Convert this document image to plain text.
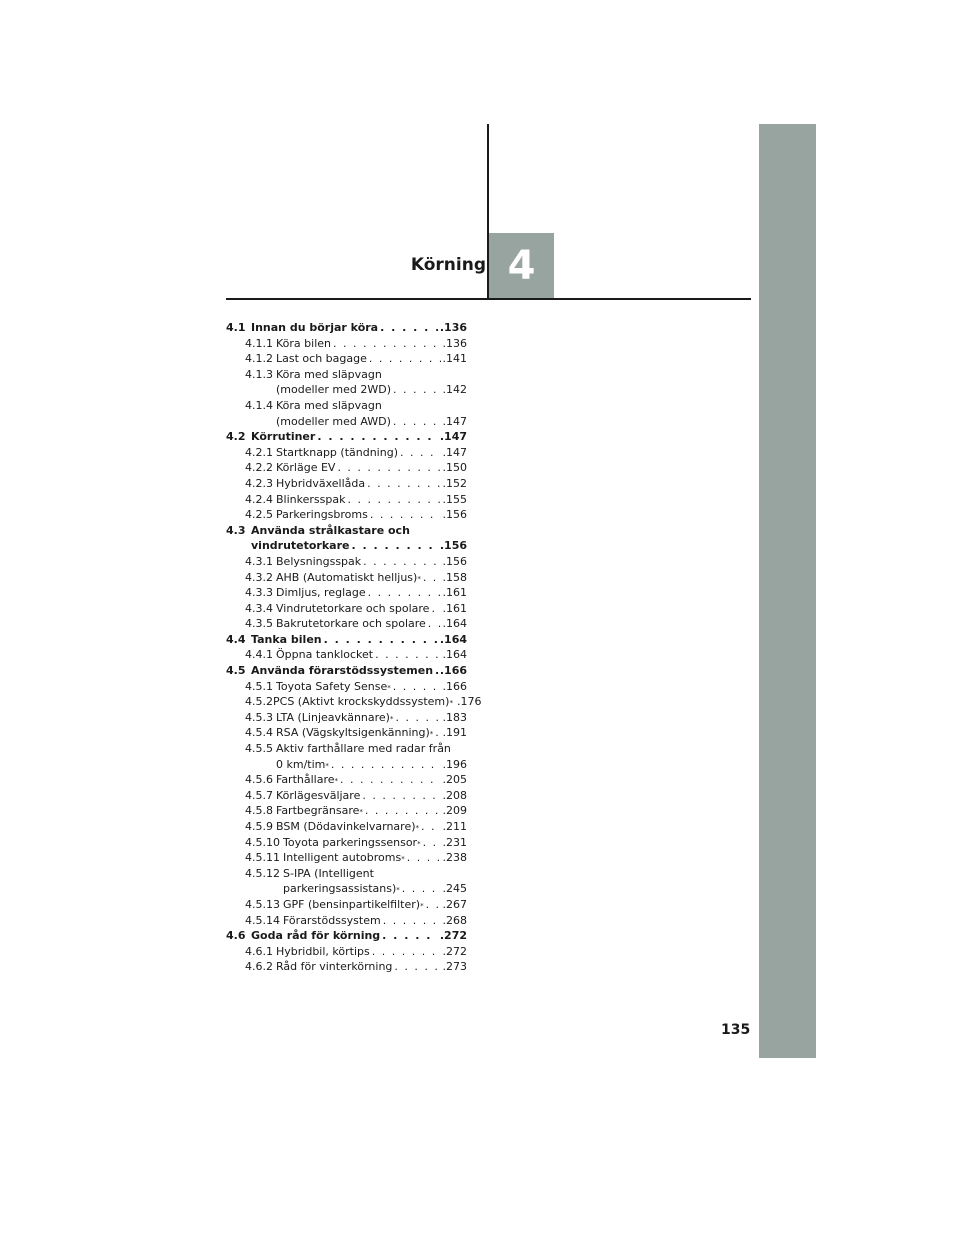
Körning 4
4.1 Innan du börjar köra . . .	.136
4.1.1 Köra bilen . . .	.136
4.1.2 Last och bagage . . .	.141
4.1.3 Köra med släpvagn
(modeller med 2WD) . . .	.142
4.1.4 Köra med släpvagn
(modeller med AWD) . . .	.147
4.2 Körrutiner . . .	.147
4.2.1 Startknapp (tändning) . . .	.147
4.2.2 Körläge EV . . .	.150
4.2.3 Hybridväxellåda . . .	.152
4.2.4 Blinkersspak . . .	.155
4.2.5 Parkeringsbroms . . .	.156
4.3 Använda strålkastare och
vindrutetorkare . . .	.156
4.3.1 Belysningsspak . . .	.156
4.3.2 AHB (Automatiskt helljus) * . . . .158
4.3.3 Dimljus, reglage . . .	.161
4.3.4 Vindrutetorkare och spolare . . . .161
4.3.5 Bakrutetorkare och spolare . . . .164
4.4 Tanka bilen . . .	.164
4.4.1 Öppna tanklocket . . .	.164
4.5 Använda förarstödssystemen . . . .166
4.5.1 Toyota Safety Sense * . . .	.166
4.5.2 PCS (Aktivt krockskyddssystem) * .176
4.5.3 LTA (Linjeavkännare) * . . .	.183
4.5.4 RSA (Vägskyltsigenkänning) * . . . .191
4.5.5 Aktiv farthållare med radar från
0 km/tim * . . .	.196
4.5.6 Farthållare * . . .	.205
4.5.7 Körlägesväljare . . .	.208
4.5.8 Fartbegränsare * . . .	.209
4.5.9 BSM (Dödavinkelvarnare) * . . . .211
4.5.10 Toyota parkeringssensor * . . . .231
4.5.11 Intelligent autobroms * . . .	.238
4.5.12 S-IPA (Intelligent
parkeringsassistans) * . . .	.245
4.5.13 GPF (bensinpartikelfilter) * . . . .267
4.5.14 Förarstödssystem . . .	.268
4.6 Goda råd för körning . . .	.272
4.6.1 Hybridbil, körtips . . .	.272
4.6.2 Råd för vinterkörning . . .	.273
135
